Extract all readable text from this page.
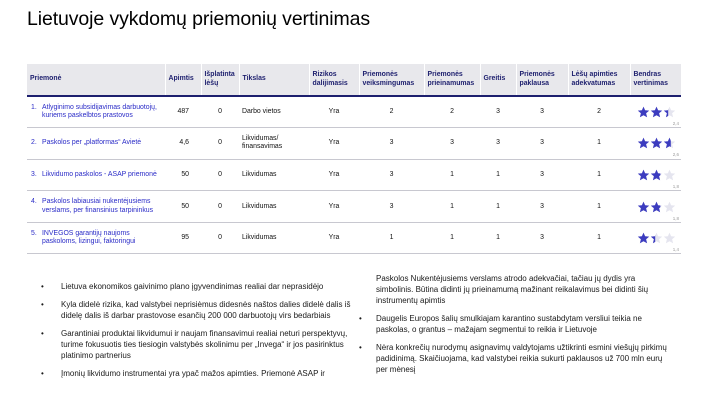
Lietuvoje vykdomų priemonių vertinimas
Priemonė	Apimtis	Išplatinta lėšų	Tikslas	Rizikos dalijimasis	Priemonės veiksmingumas	Priemonės prieinamumas	Greitis	Priemonės paklausa	Lėšų apimties adekvatumas	Bendras vertinimas
1. Atlyginimo subsidijavimas darbuotojų, kuriems paskelbtos prastovos	487	0	Darbo vietos	Yra	2	2	3	3	2	2,4

2. Paskolos per „platformas“ Avietė	4,6	0	Likvidumas/ finansavimas	Yra	3	3	3	3	1	2,6

3. Likvidumo paskolos - ASAP priemonė	50	0	Likvidumas	Yra	3	1	1	3	1	1,8

4. Paskolos labiausiai nukentėjusiems verslams, per finansinius tarpininkus	50	0	Likvidumas	Yra	3	1	1	3	1	1,8

5. INVEGOS garantijų naujoms paskoloms, lizingui, faktoringui	95	0	Likvidumas	Yra	1	1	1	3	1	1,4
• Lietuva ekonomikos gaivinimo plano įgyvendinimas realiai dar neprasidėjo
• Kyla didelė rizika, kad valstybei neprisiėmus didesnės naštos dalies didelė dalis iš didelę dalis iš darbar prastovose esančių 200 000 darbuotojų virs bedarbiais
• Garantiniai produktai likvidumui ir naujam finansavimui realiai neturi perspektyvų, turime fokusuotis ties tiesiogin valstybės skolinimu per „Invega“ ir jos pasirinktus platinimo partnerius
• Įmonių likvidumo instrumentai yra ypač mažos apimties. Priemonė ASAP ir
Paskolos Nukentėjusiems verslams atrodo adekvačiai, tačiau jų dydis yra simbolinis. Būtina didinti jų prieinamumą mažinant reikalavimus bei didinti šių instrumentų apimtis
• Daugelis Europos šalių smulkiajam karantino sustabdytam versliui teikia ne paskolas, o grantus – mažajam segmentui to reikia ir Lietuvoje
• Nėra konkrečių nurodymų asignavimų valdytojams užtikrinti esmini viešųjų pirkimų padidinimą. Skaičiuojama, kad valstybei reikia sukurti paklausos už 700 mln eurų per mėnesį
